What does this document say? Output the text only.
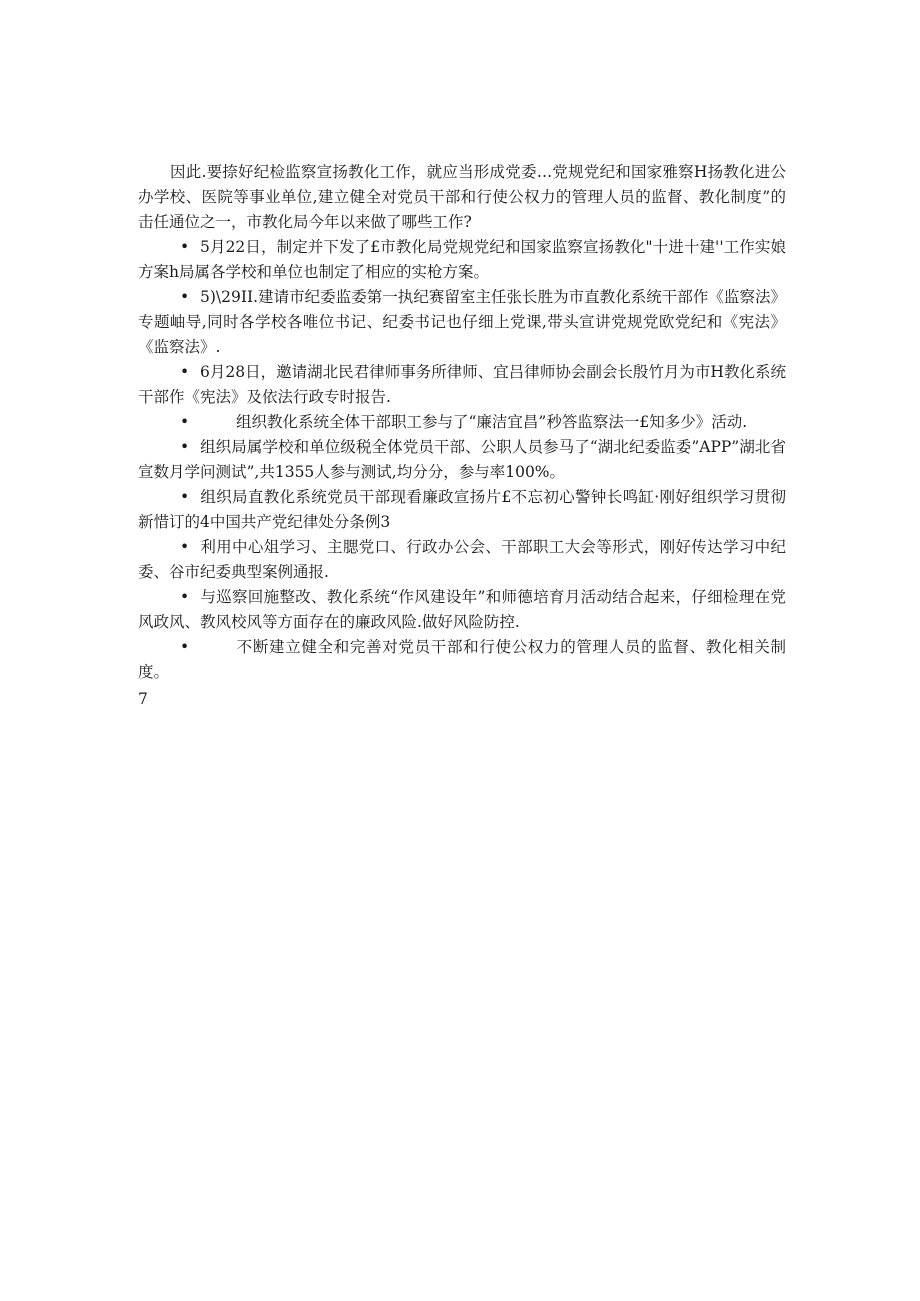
因此.要捺好纪检监察宣扬教化工作，就应当形成党委…党规党纪和国家雅察H扬教化进公办学校、医院等事业单位,建立健全对党员干部和行使公权力的管理人员的监督、教化制度”的击任通位之一，市教化局今年以来做了哪些工作?

• 5月22日，制定并下发了£市教化局党规党纪和国家监察宣扬教化"十进十建''工作实娘方案h局属各学校和单位也制定了相应的实枪方案。

• 5)\29II.建请市纪委监委第一执纪赛留室主任张长胜为市直教化系统干部作《监察法》专题岫导,同时各学校各唯位书记、纪委书记也仔细上党课,带头宣讲党规党欧党纪和《宪法》《监察法》.

• 6月28日，邀请湖北民君律师事务所律师、宜吕律师协会副会长殷竹月为市H教化系统干部作《宪法》及依法行政专时报告.

•	组织教化系统全体干部职工参与了“廉洁宜昌”秒答监察法一£知多少》活动.

• 组织局属学校和单位级税全体党员干部、公职人员参马了“湖北纪委监委”APP”湖北省宣数月学问测试”,共1355人参与测试,均分分，参与率100%。

• 组织局直教化系统党员干部现看廉政宣扬片£不忘初心警钟长鸣缸·刚好组织学习贯彻新惜订的4中国共产党纪律处分条例3

• 利用中心俎学习、主腮党口、行政办公会、干部职工大会等形式，刚好传达学习中纪委、谷市纪委典型案例通报.

• 与巡察回施整改、教化系统“作风建设年”和师德培育月活动结合起来，仔细检理在党风政风、教风校风等方面存在的廉政风险.做好风险防控.

•	不断建立健全和完善对党员干部和行使公权力的管理人员的监督、教化相关制度。

7
